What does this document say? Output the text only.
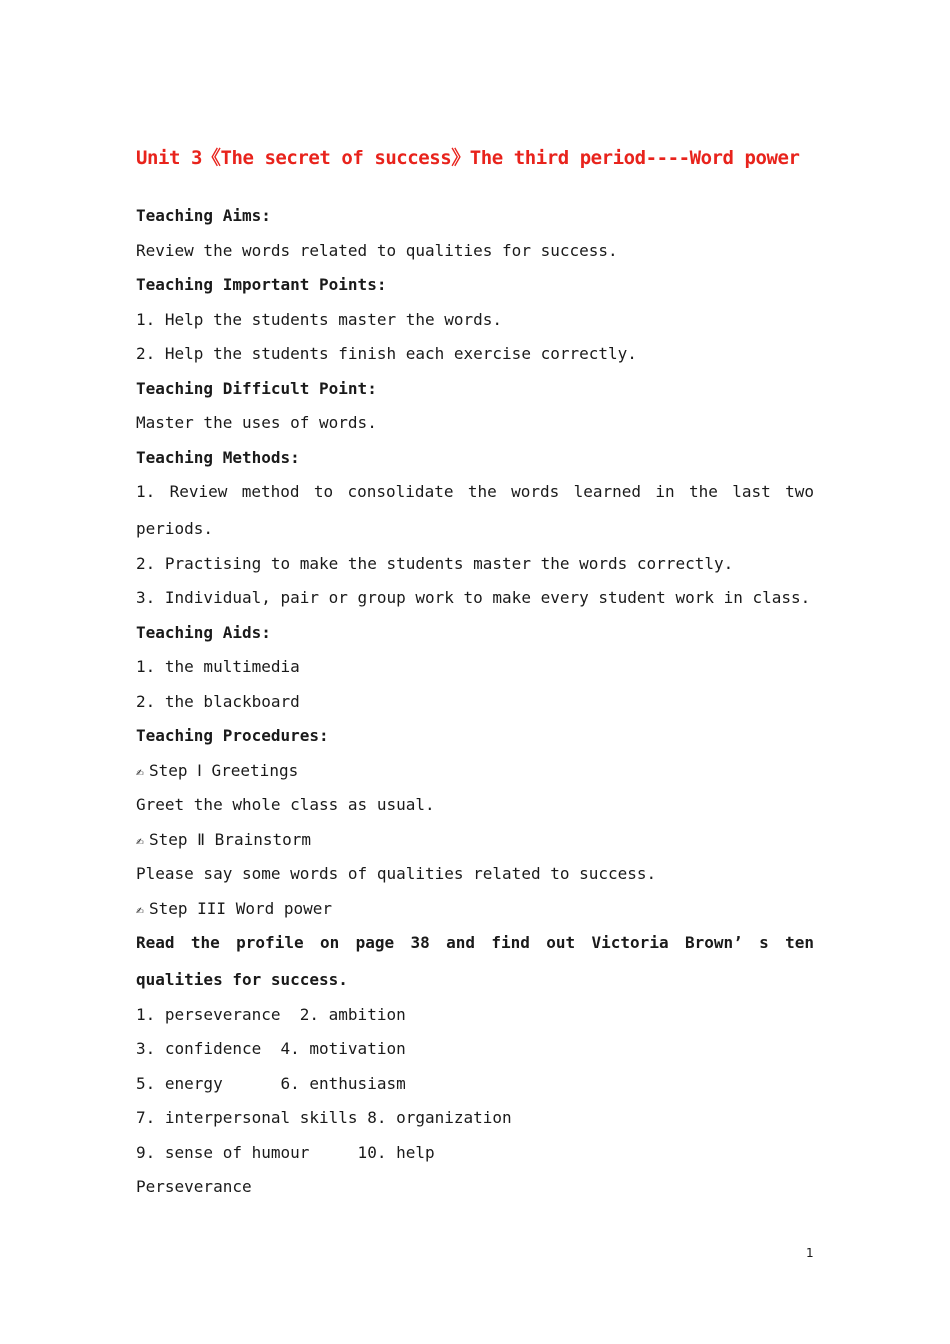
Unit 3《The secret of success》The third period----Word power
Teaching Aims:
Review the words related to qualities for success.
Teaching Important Points:
1. Help the students master the words.
2. Help the students finish each exercise correctly.
Teaching Difficult Point:
Master the uses of words.
Teaching Methods:
1. Review method to consolidate the words learned in the last two
periods.
2. Practising to make the students master the words correctly.
3. Individual, pair or group work to make every student work in class.
Teaching Aids:
1. the multimedia
2. the blackboard
Teaching Procedures:
✍ Step Ⅰ Greetings
Greet the whole class as usual.
✍ Step Ⅱ Brainstorm
Please say some words of qualities related to success.
✍ Step III Word power
Read the profile on page 38 and find out Victoria Brown’ s ten
qualities for success.
1. perseverance  2. ambition
3. confidence  4. motivation
5. energy      6. enthusiasm
7. interpersonal skills 8. organization
9. sense of humour     10. help
Perseverance
1
